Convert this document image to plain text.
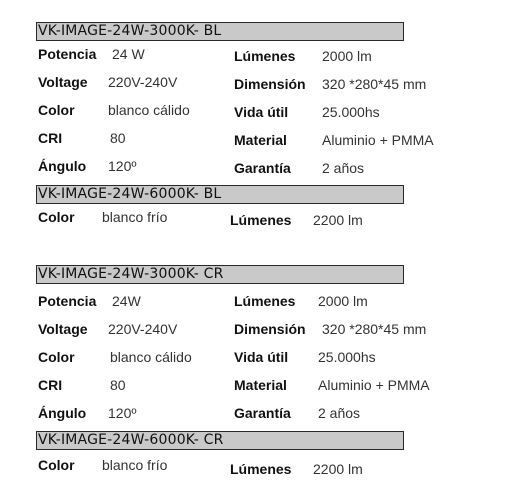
VK-IMAGE-24W-3000K- BL
Potencia 24 W	Lúmenes 2000 lm
Voltage 220V-240V	Dimensión 320 *280*45 mm
Color blanco cálido	Vida útil 25.000hs
CRI	80	Material	Aluminio + PMMA
Ángulo 120º	Garantía 2 años
VK-IMAGE-24W-6000K- BL
Color blanco frío	Lúmenes 2200 lm
VK-IMAGE-24W-3000K- CR
Potencia 24W	Lúmenes 2000 lm
Voltage 220V-240V	Dimensión 320 *280*45 mm
Color	blanco cálido	Vida útil 25.000hs
CRI	80	Material Aluminio + PMMA
Ángulo 120º	Garantía 2 años
VK-IMAGE-24W-6000K- CR
Color blanco frío	Lúmenes 2200 lm
